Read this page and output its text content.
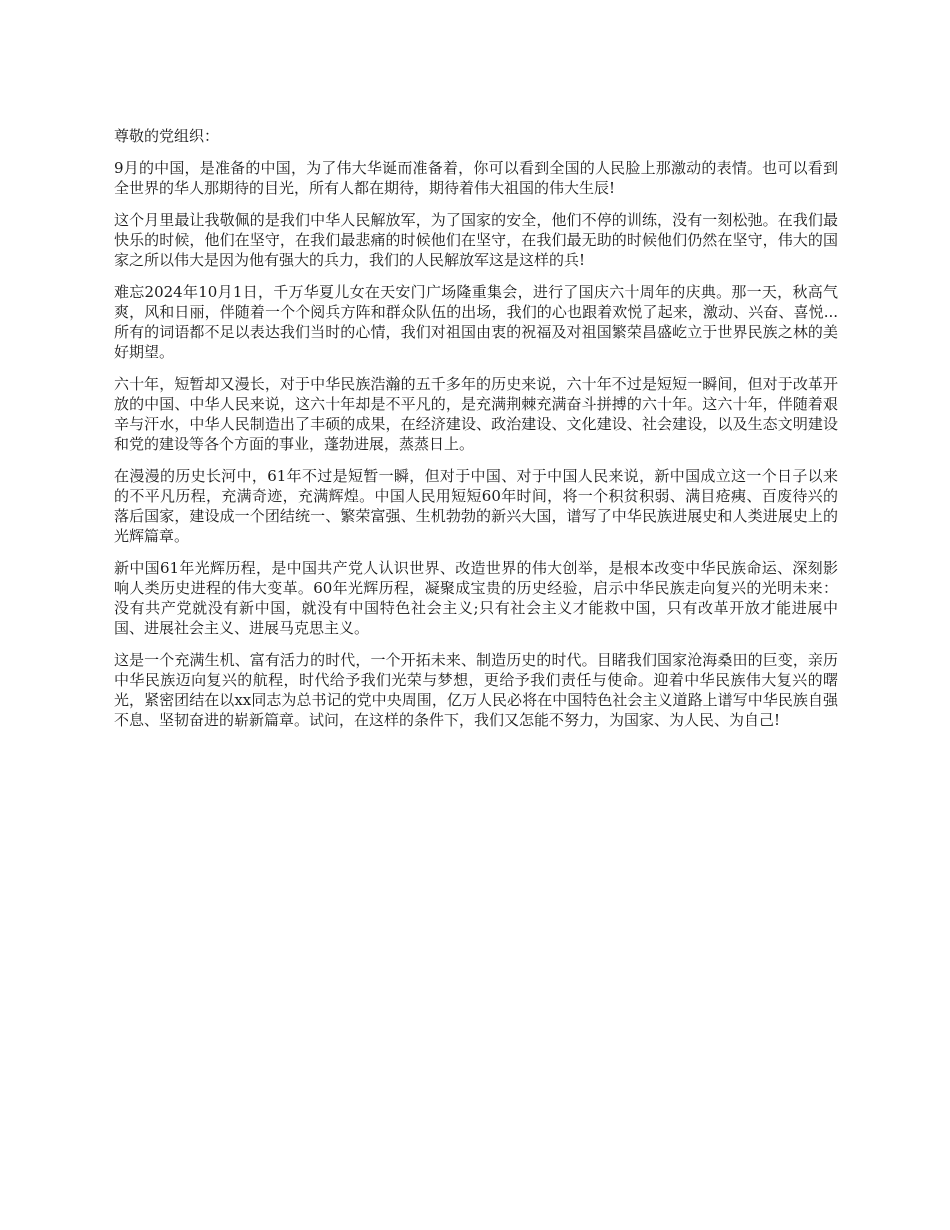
尊敬的党组织：

9月的中国，是准备的中国，为了伟大华诞而准备着，你可以看到全国的人民脸上那激动的表情。也可以看到全世界的华人那期待的目光，所有人都在期待，期待着伟大祖国的伟大生辰!

这个月里最让我敬佩的是我们中华人民解放军，为了国家的安全，他们不停的训练，没有一刻松弛。在我们最快乐的时候，他们在坚守，在我们最悲痛的时候他们在坚守，在我们最无助的时候他们仍然在坚守，伟大的国家之所以伟大是因为他有强大的兵力，我们的人民解放军这是这样的兵!

难忘2024年10月1日，千万华夏儿女在天安门广场隆重集会，进行了国庆六十周年的庆典。那一天，秋高气爽，风和日丽，伴随着一个个阅兵方阵和群众队伍的出场，我们的心也跟着欢悦了起来，激动、兴奋、喜悦...所有的词语都不足以表达我们当时的心情，我们对祖国由衷的祝福及对祖国繁荣昌盛屹立于世界民族之林的美好期望。

六十年，短暂却又漫长，对于中华民族浩瀚的五千多年的历史来说，六十年不过是短短一瞬间，但对于改革开放的中国、中华人民来说，这六十年却是不平凡的，是充满荆棘充满奋斗拼搏的六十年。这六十年，伴随着艰辛与汗水，中华人民制造出了丰硕的成果，在经济建设、政治建设、文化建设、社会建设，以及生态文明建设和党的建设等各个方面的事业，蓬勃进展，蒸蒸日上。

在漫漫的历史长河中，61年不过是短暂一瞬，但对于中国、对于中国人民来说，新中国成立这一个日子以来的不平凡历程，充满奇迹，充满辉煌。中国人民用短短60年时间，将一个积贫积弱、满目疮痍、百废待兴的落后国家，建设成一个团结统一、繁荣富强、生机勃勃的新兴大国，谱写了中华民族进展史和人类进展史上的光辉篇章。

新中国61年光辉历程，是中国共产党人认识世界、改造世界的伟大创举，是根本改变中华民族命运、深刻影响人类历史进程的伟大变革。60年光辉历程，凝聚成宝贵的历史经验，启示中华民族走向复兴的光明未来：没有共产党就没有新中国，就没有中国特色社会主义;只有社会主义才能救中国，只有改革开放才能进展中国、进展社会主义、进展马克思主义。

这是一个充满生机、富有活力的时代，一个开拓未来、制造历史的时代。目睹我们国家沧海桑田的巨变，亲历中华民族迈向复兴的航程，时代给予我们光荣与梦想，更给予我们责任与使命。迎着中华民族伟大复兴的曙光，紧密团结在以xx同志为总书记的党中央周围，亿万人民必将在中国特色社会主义道路上谱写中华民族自强不息、坚韧奋进的崭新篇章。试问，在这样的条件下，我们又怎能不努力，为国家、为人民、为自己!
